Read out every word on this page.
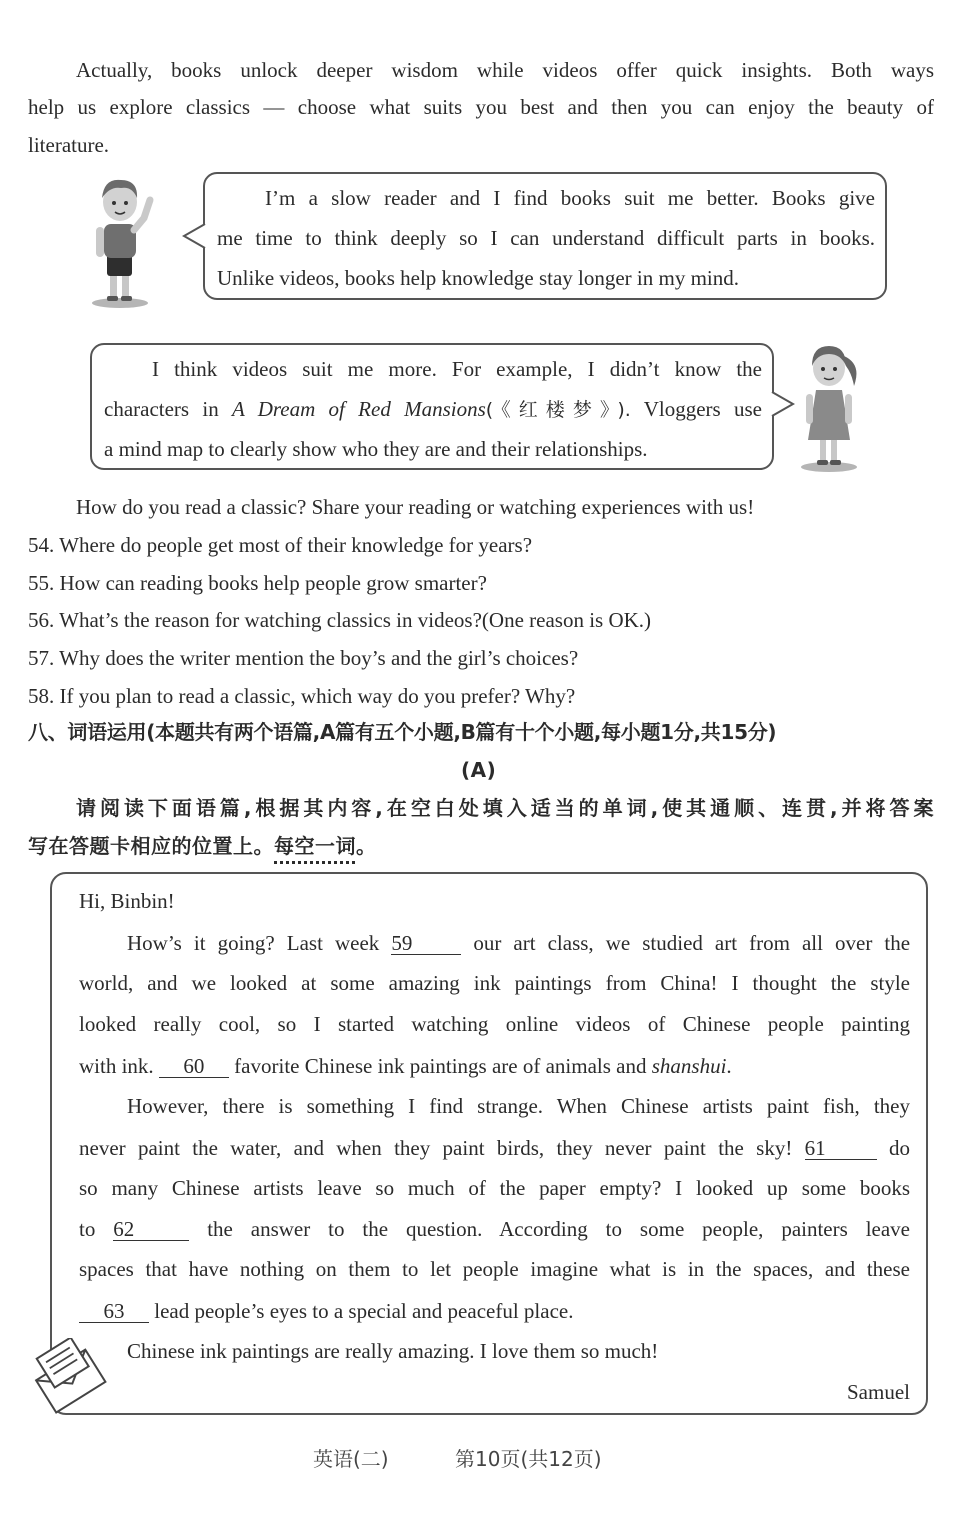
Actually, books unlock deeper wisdom while videos offer quick insights. Both ways
help us explore classics — choose what suits you best and then you can enjoy the beauty of
literature.
I’m a slow reader and I find books suit me better. Books give
me time to think deeply so I can understand difficult parts in books.
Unlike videos, books help knowledge stay longer in my mind.
I think videos suit me more. For example, I didn’t know the
characters in A Dream of Red Mansions(《红楼梦》). Vloggers use
a mind map to clearly show who they are and their relationships.
How do you read a classic? Share your reading or watching experiences with us!
54. Where do people get most of their knowledge for years?
55. How can reading books help people grow smarter?
56. What’s the reason for watching classics in videos?(One reason is OK.)
57. Why does the writer mention the boy’s and the girl’s choices?
58. If you plan to read a classic, which way do you prefer? Why?
八、词语运用(本题共有两个语篇,A篇有五个小题,B篇有十个小题,每小题1分,共15分)
(A)
请阅读下面语篇,根据其内容,在空白处填入适当的单词,使其通顺、连贯,并将答案
写在答题卡相应的位置上。每空一词。
Hi, Binbin!
How’s it going? Last week 59	our art class, we studied art from all over the
world, and we looked at some amazing ink paintings from China! I thought the style
looked really cool, so I started watching online videos of Chinese people painting
with ink. 60 favorite Chinese ink paintings are of animals and shanshui.
However, there is something I find strange. When Chinese artists paint fish, they
never paint the water, and when they paint birds, they never paint the sky! 61	do
so many Chinese artists leave so much of the paper empty? I looked up some books
to 62	the answer to the question. According to some people, painters leave
spaces that have nothing on them to let people imagine what is in the spaces, and these
63 lead people’s eyes to a special and peaceful place.
Chinese ink paintings are really amazing. I love them so much!
Samuel
英语(二)	第10页(共12页)
